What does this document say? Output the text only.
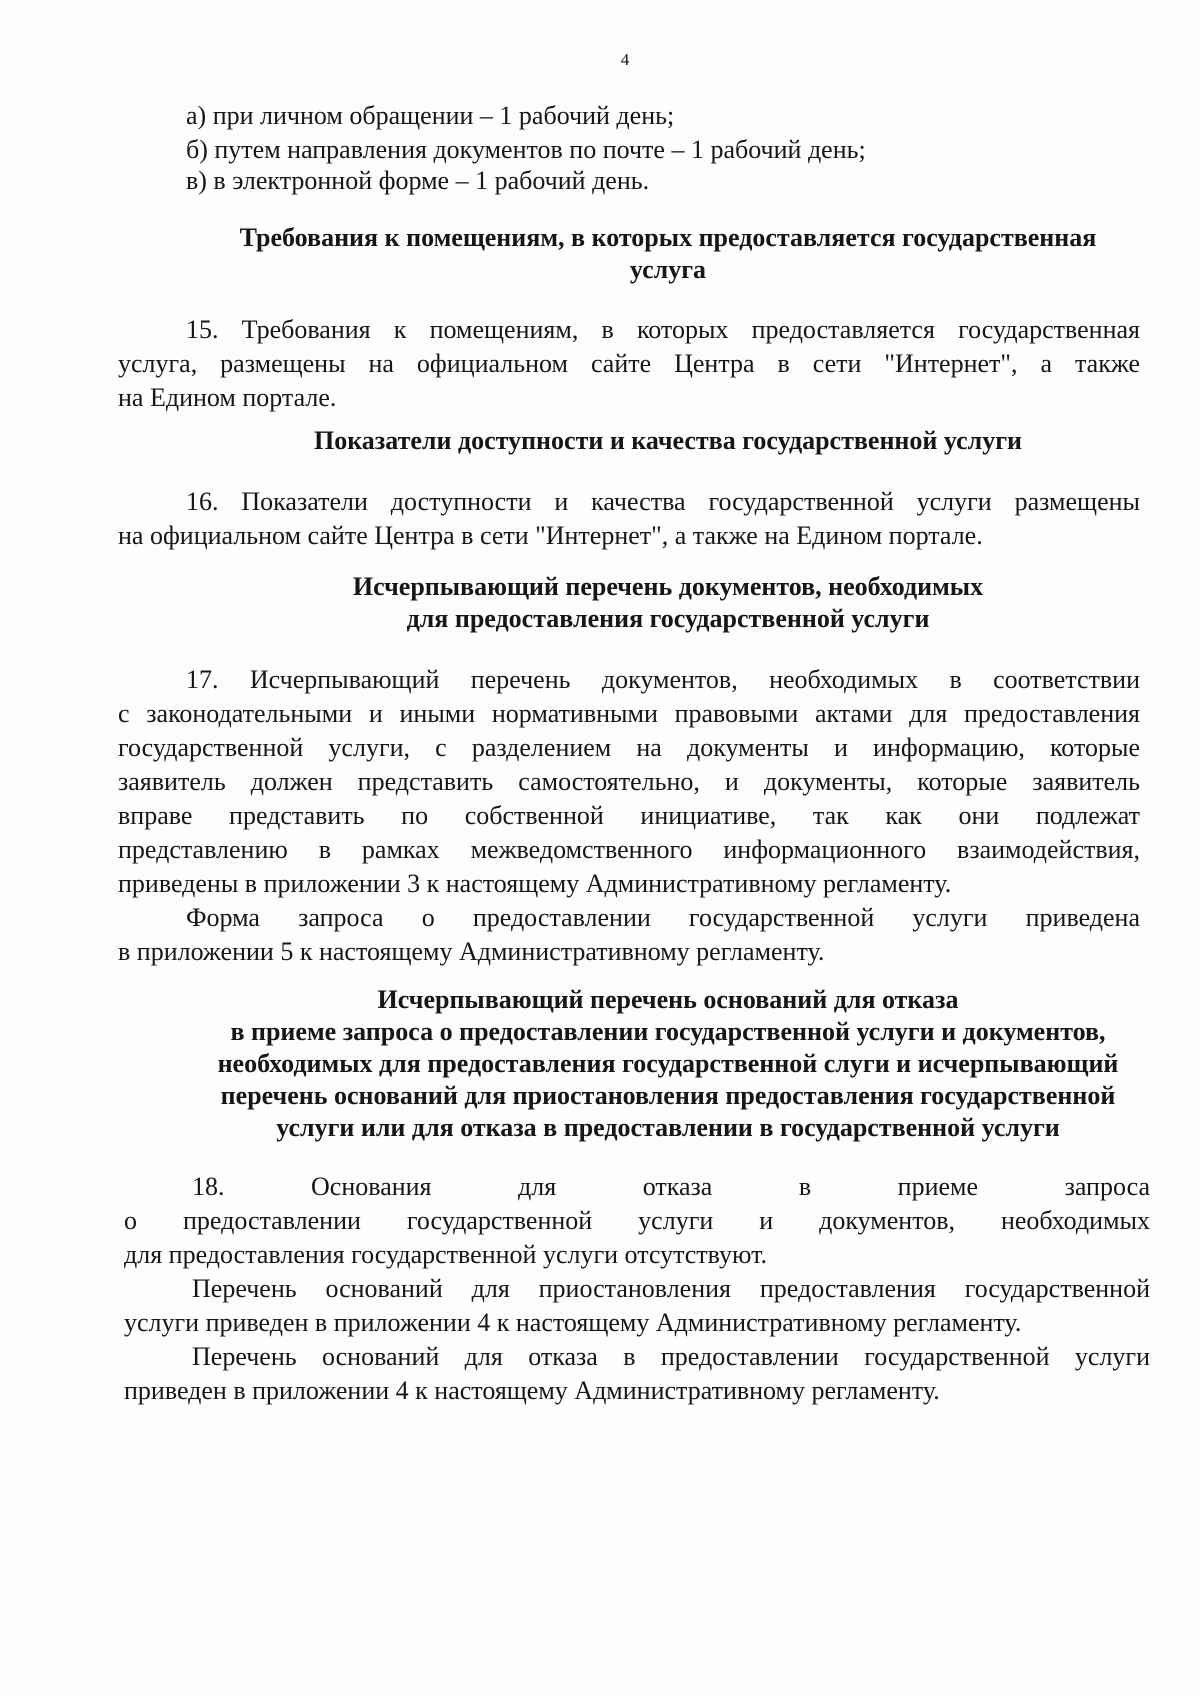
4
а) при личном обращении – 1 рабочий день;
б) путем направления документов по почте – 1 рабочий день;
в) в электронной форме – 1 рабочий день.
Требования к помещениям, в которых предоставляется государственная
услуга
15. Требования к помещениям, в которых предоставляется государственная
услуга, размещены на официальном сайте Центра в сети "Интернет", а также
на Едином портале.
Показатели доступности и качества государственной услуги
16. Показатели доступности и качества государственной услуги размещены
на официальном сайте Центра в сети "Интернет", а также на Едином портале.
Исчерпывающий перечень документов, необходимых
для предоставления государственной услуги
17. Исчерпывающий перечень документов, необходимых в соответствии
с законодательными и иными нормативными правовыми актами для предоставления
государственной услуги, с разделением на документы и информацию, которые
заявитель должен представить самостоятельно, и документы, которые заявитель
вправе представить по собственной инициативе, так как они подлежат
представлению в рамках межведомственного информационного взаимодействия,
приведены в приложении 3 к настоящему Административному регламенту.
Форма запроса о предоставлении государственной услуги приведена
в приложении 5 к настоящему Административному регламенту.
Исчерпывающий перечень оснований для отказа
в приеме запроса о предоставлении государственной услуги и документов,
необходимых для предоставления государственной слуги и исчерпывающий
перечень оснований для приостановления предоставления государственной
услуги или для отказа в предоставлении в государственной услуги
18. Основания для отказа в приеме запроса
о предоставлении государственной услуги и документов, необходимых
для предоставления государственной услуги отсутствуют.
Перечень оснований для приостановления предоставления государственной
услуги приведен в приложении 4 к настоящему Административному регламенту.
Перечень оснований для отказа в предоставлении государственной услуги
приведен в приложении 4 к настоящему Административному регламенту.
